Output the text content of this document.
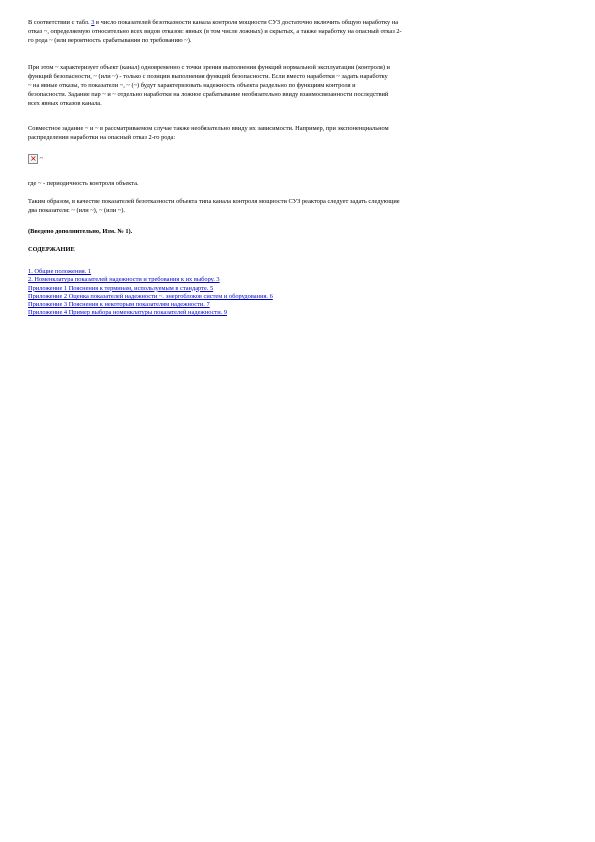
В соответствии с табл. 3 в число показателей безотказности канала контроля мощности СУЗ достаточно включить общую наработку на
отказ ~, определяемую относительно всех видов отказов: явных (в том числе ложных) и скрытых, а также наработку на опасный отказ 2-
го рода ~ (или вероятность срабатывания по требованию ~).
При этом ~ характеризует объект (канал) одновременно с точки зрения выполнения функций нормальной эксплуатации (контроля) и
функций безопасности, ~ (или ~) - только с позиции выполнения функций безопасности. Если вместо наработки ~ задать наработку
~ на явные отказы, то показатели ~, ~ (~) будут характеризовать надежность объекта раздельно по функциям контроля и
безопасности. Задание пар ~ и ~ отдельно наработки на ложное срабатывание необязательно ввиду взаимосвязанности последствий
всех явных отказов канала.
Совместное задание ~ и ~ в рассматриваемом случае также необязательно ввиду их зависимости. Например, при экспоненциальном
распределении наработки на опасный отказ 2-го рода:
× ~
где ~ - периодичность контроля объекта.
Таким образом, в качестве показателей безотказности объекта типа канала контроля мощности СУЗ реактора следует задать следующие
два показателя: ~ (или ~), ~ (или ~).
(Введено дополнительно, Изм. № 1).
СОДЕРЖАНИЕ
1. Общие положения. 1
2. Номенклатура показателей надежности и требования к их выбору. 3
Приложение 1 Пояснения к терминам, используемым в стандарте. 5
Приложение 2 Оценка показателей надежности ~. энергоблоков систем и оборудования. 6
Приложение 3 Пояснения к некоторым показателям надежности. 7
Приложение 4 Пример выбора номенклатуры показателей надежности. 9
